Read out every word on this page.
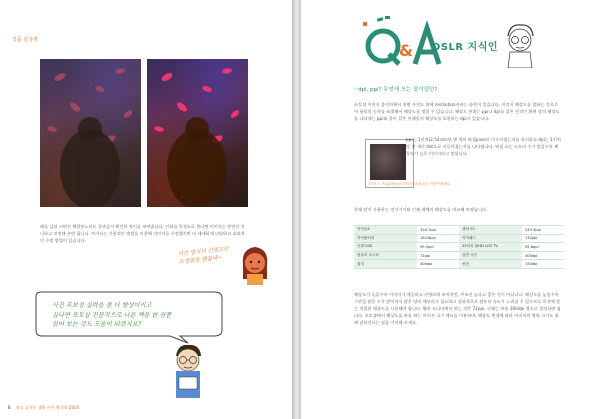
작품 감상평

해를 감과 시편인 체광용노라도 결과들이 확인한 차이를 보여줍니다. 인화를 목적으로 한다면 이미지는 무엇인 건너하고 보정해 주면 됩니다. 여기서는 기본적인 방법을 이용해 이미지를 수정했지만 더 세세하게 다양하고 효과적인 수정 방법이 있습니다.

서건 업지의 선생도안
조정점을 괜찮네~
사진 후보정 실력을 좀 더 향상이키고
싶다면 포토샵 전문적으로 나른 책을 한 권쯤
읽어 보는 것도 도움이 되겠지요?
8 쉽고 즐거운 생활 사진 찍기에 DSLR
& DSLR 지식인
› dpi, ppi? 무엇에 쓰는 물이었던?

포토샵 이미지 풀이치에서 보면 사진도 외에 resolution이라는 항목이 있습니다. 이것이 해상도를 말하는 것으로 이 항목의 숫자를 조절해서 해상도를 정할 수 있습니다. 해상도 단위는 ppi나 dpi를 같은 전적인 환편 상의 해상도를 나타내는 ppi와 종이 같은 인쇄물의 해상도를 표현하는 dpi가 있습니다.

1인치 = 가로와 세로의 길이가 1인치 되는 면을 이용해요

ppi는 1인치(2.54cm)당 몇 개의 픽셀pixel로 이루어졌는지를 표시하고 dpi는 1인치당 몇 개의 dot으로 이루어졌는지를 나타냅니다. 픽셀 으는 도트의 수가 많을수록 해상도가 높은 이미지라고 말합니다.

현재 많이 사용하는 전자기기와 인쇄 매체의 해상도를 비교해 보겠습니다.
아이폰4	326.7ppi	갤럭시S	233.3ppi
아이팟터치	164.8ppi	아이패드	132ppi
닌텐도DS	99.5ppi	23인치 풀HD LCD TV	95.8ppi
컴퓨터 모니터	72ppi	일반 사진	300dpi
잡지	300dpi	신문	150dpi

해상도가 높을수록 이미지가 깨끗하고 선명하게 보이지만, 무조건 높다고 좋은 것이 아닙니다. 해상도를 높일수록 그만큼 많은 수가 많아져서 많은 양의 메모리가 필요하고 결과적으로 컴퓨터 속도가 느려질 수 있으므로 목적에 맞는 적절한 해상도를 사용해야 합니다. 웹과 모니터에서 보는 것은 72ppi, 인쇄는 보통 300dpi 정도로 설정하면 됩니다. 포토샵에서 해상도를 바꿀 때는 이미지 크기 메뉴를 이용하며, 해상도 변경에 따라 이미지의 출력 크기도 함께 달라진다는 점을 기억해 두세요.
